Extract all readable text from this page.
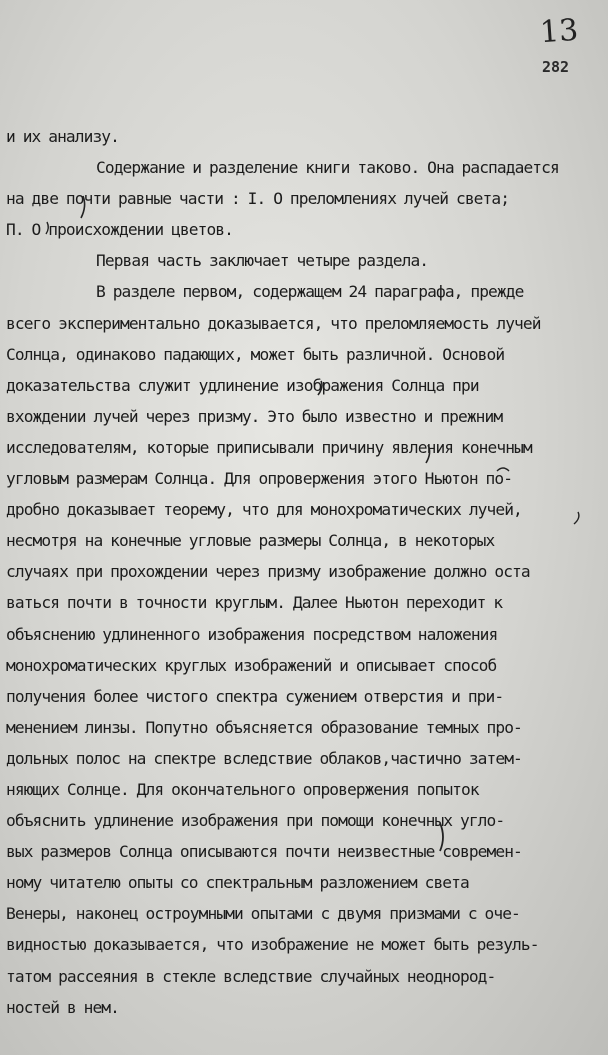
13
282
и их анализу.
Содержание и разделение книги таково. Она распадается
на две почти равные части : I. О преломлениях лучей света;
П. О происхождении цветов.
Первая часть заключает четыре раздела.
В разделе первом, содержащем 24 параграфа, прежде
всего экспериментально доказывается, что преломляемость лучей
Солнца, одинаково падающих, может быть различной. Основой
доказательства служит удлинение изображения Солнца при
вхождении лучей через призму. Это было известно и прежним
исследователям, которые приписывали причину явления конечным
угловым размерам Солнца. Для опровержения этого Ньютон по-
дробно доказывает теорему, что для монохроматических лучей,
несмотря на конечные угловые размеры Солнца, в некоторых
случаях при прохождении через призму изображение должно оста
ваться почти в точности круглым. Далее Ньютон переходит к
объяснению удлиненного изображения посредством наложения
монохроматических круглых изображений и описывает способ
получения более чистого спектра сужением отверстия и при-
менением линзы. Попутно объясняется образование темных про-
дольных полос на спектре вследствие облаков,частично затем-
няющих Солнце. Для окончательного опровержения попыток
объяснить удлинение изображения при помощи конечных угло-
вых размеров Солнца описываются почти неизвестные современ-
ному читателю опыты со спектральным разложением света
Венеры, наконец остроумными опытами с двумя призмами с оче-
видностью доказывается, что изображение не может быть резуль-
татом рассеяния в стекле вследствие случайных неоднород-
ностей в нем.
